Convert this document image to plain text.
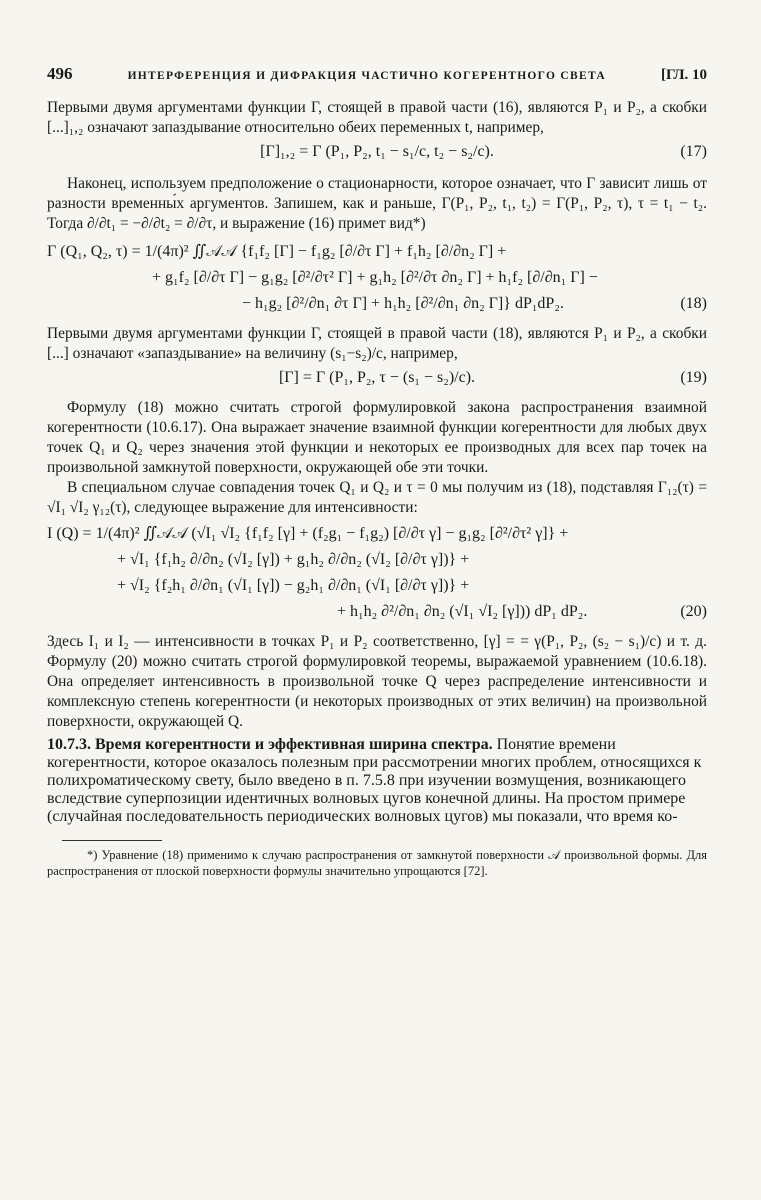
496	ИНТЕРФЕРЕНЦИЯ И ДИФРАКЦИЯ ЧАСТИЧНО КОГЕРЕНТНОГО СВЕТА	[ГЛ. 10

Первыми двумя аргументами функции Г, стоящей в правой части (16), являются P₁ и P₂, а скобки [...]₁,₂ означают запаздывание относительно обеих переменных t, например,

[Г]₁,₂ = Г (P₁, P₂, t₁ − s₁/c, t₂ − s₂/c).	(17)

Наконец, используем предположение о стационарности, которое означает, что Г зависит лишь от разности временны́х аргументов. Запишем, как и раньше, Г(P₁, P₂, t₁, t₂) = Г(P₁, P₂, τ), τ = t₁ − t₂. Тогда ∂/∂t₁ = −∂/∂t₂ = ∂/∂τ, и выражение (16) примет вид*)

Г (Q₁, Q₂, τ) = 1/(4π)² ∬𝒜𝒜 {f₁f₂ [Г] − f₁g₂ [∂/∂τ Г] + f₁h₂ [∂/∂n₂ Г] +
+ g₁f₂ [∂/∂τ Г] − g₁g₂ [∂²/∂τ² Г] + g₁h₂ [∂²/∂τ ∂n₂ Г] + h₁f₂ [∂/∂n₁ Г] −
− h₁g₂ [∂²/∂n₁ ∂τ Г] + h₁h₂ [∂²/∂n₁ ∂n₂ Г]} dP₁dP₂.	(18)

Первыми двумя аргументами функции Г, стоящей в правой части (18), являются P₁ и P₂, а скобки [...] означают «запаздывание» на величину (s₁−s₂)/c, например,

[Г] = Г (P₁, P₂, τ − (s₁ − s₂)/c).	(19)

Формулу (18) можно считать строгой формулировкой закона распространения взаимной когерентности (10.6.17). Она выражает значение взаимной функции когерентности для любых двух точек Q₁ и Q₂ через значения этой функции и некоторых ее производных для всех пар точек на произвольной замкнутой поверхности, окружающей обе эти точки.

В специальном случае совпадения точек Q₁ и Q₂ и τ = 0 мы получим из (18), подставляя Г₁₂(τ) = √I₁ √I₂ γ₁₂(τ), следующее выражение для интенсивности:

I (Q) = 1/(4π)² ∬𝒜𝒜 (√I₁ √I₂ {f₁f₂ [γ] + (f₂g₁ − f₁g₂) [∂/∂τ γ] − g₁g₂ [∂²/∂τ² γ]} +
+ √I₁ {f₁h₂ ∂/∂n₂ (√I₂ [γ]) + g₁h₂ ∂/∂n₂ (√I₂ [∂/∂τ γ])} +
+ √I₂ {f₂h₁ ∂/∂n₁ (√I₁ [γ]) − g₂h₁ ∂/∂n₁ (√I₁ [∂/∂τ γ])} +
+ h₁h₂ ∂²/∂n₁ ∂n₂ (√I₁ √I₂ [γ])) dP₁ dP₂.	(20)

Здесь I₁ и I₂ — интенсивности в точках P₁ и P₂ соответственно, [γ] = = γ(P₁, P₂, (s₂ − s₁)/c) и т. д. Формулу (20) можно считать строгой формулировкой теоремы, выражаемой уравнением (10.6.18). Она определяет интенсивность в произвольной точке Q через распределение интенсивности и комплексную степень когерентности (и некоторых производных от этих величин) на произвольной поверхности, окружающей Q.

10.7.3. Время когерентности и эффективная ширина спектра. Понятие времени когерентности, которое оказалось полезным при рассмотрении многих проблем, относящихся к полихроматическому свету, было введено в п. 7.5.8 при изучении возмущения, возникающего вследствие суперпозиции идентичных волновых цугов конечной длины. На простом примере (случайная последовательность периодических волновых цугов) мы показали, что время ко-

*) Уравнение (18) применимо к случаю распространения от замкнутой поверхности 𝒜 произвольной формы. Для распространения от плоской поверхности формулы значительно упрощаются [72].
